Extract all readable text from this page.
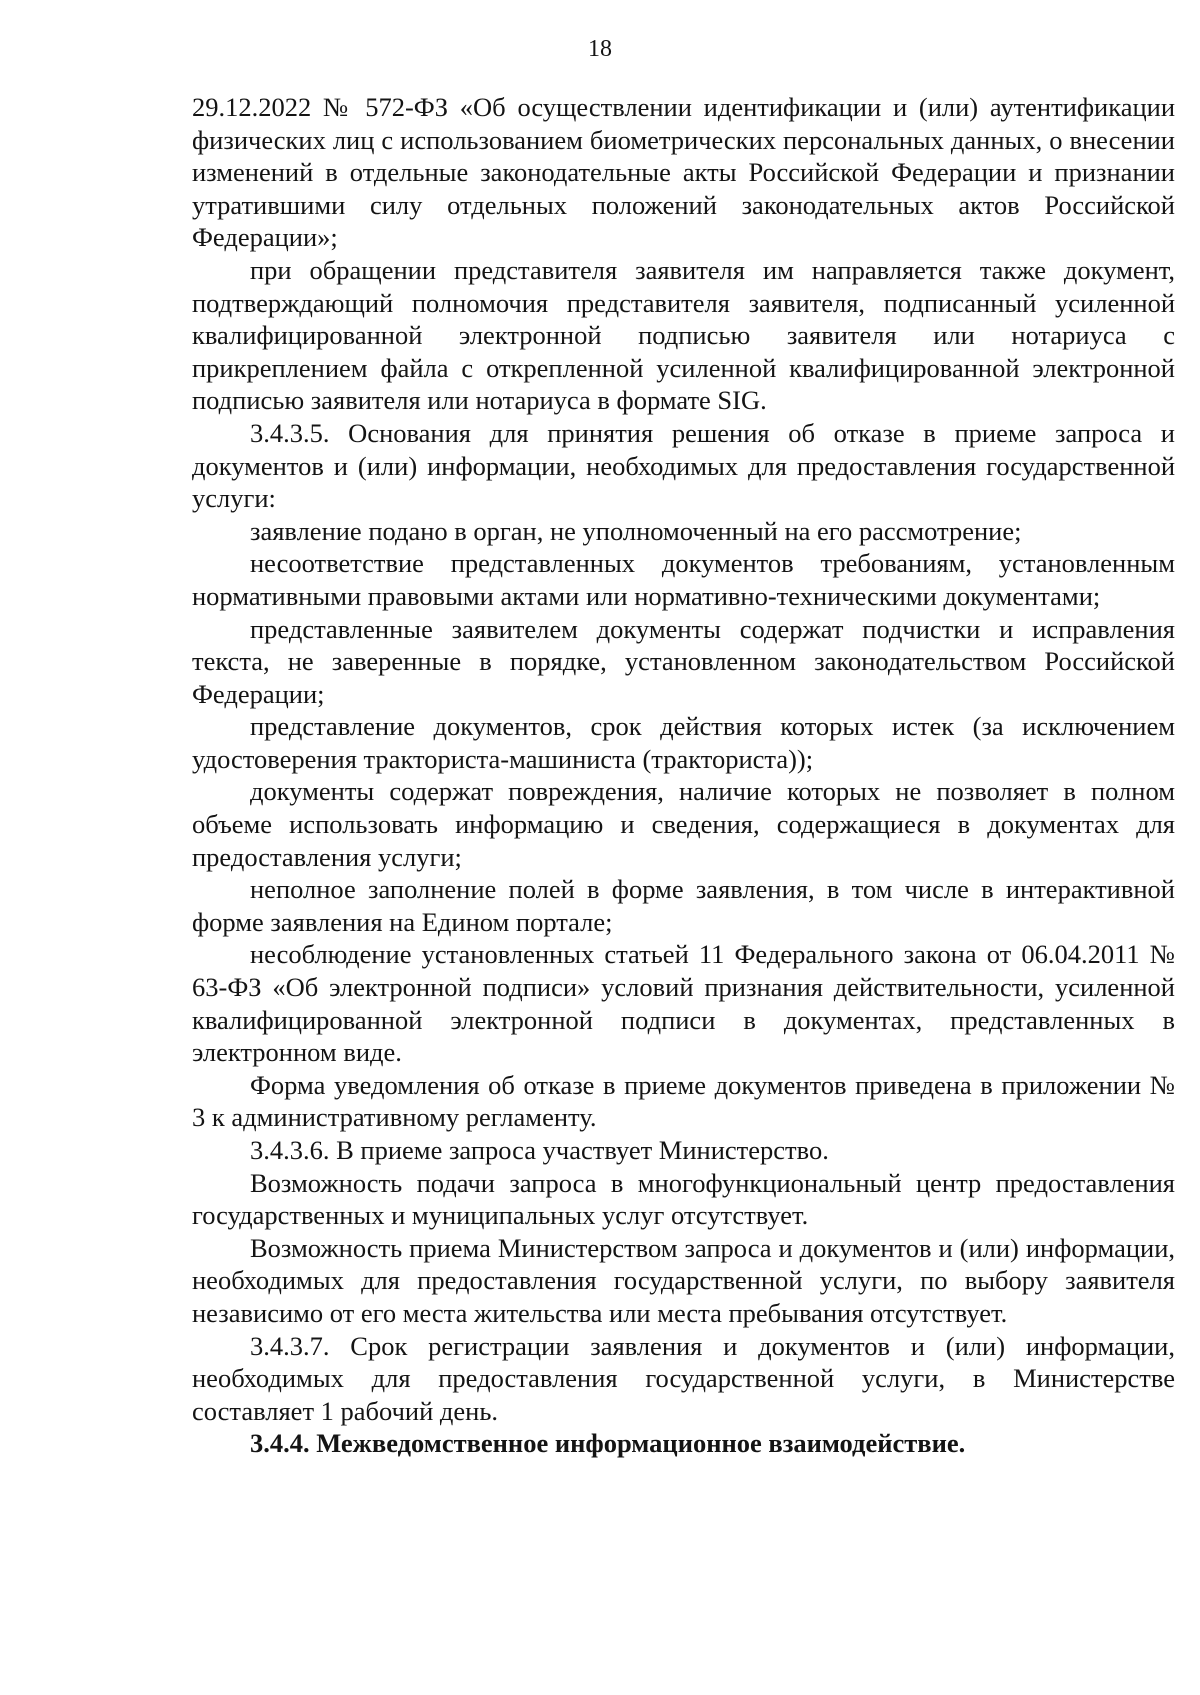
18

29.12.2022 № 572-ФЗ «Об осуществлении идентификации и (или) аутентификации физических лиц с использованием биометрических персональных данных, о внесении изменений в отдельные законодательные акты Российской Федерации и признании утратившими силу отдельных положений законодательных актов Российской Федерации»;

при обращении представителя заявителя им направляется также документ, подтверждающий полномочия представителя заявителя, подписанный усиленной квалифицированной электронной подписью заявителя или нотариуса с прикреплением файла с открепленной усиленной квалифицированной электронной подписью заявителя или нотариуса в формате SIG.

3.4.3.5. Основания для принятия решения об отказе в приеме запроса и документов и (или) информации, необходимых для предоставления государственной услуги:

заявление подано в орган, не уполномоченный на его рассмотрение;

несоответствие представленных документов требованиям, установленным нормативными правовыми актами или нормативно-техническими документами;

представленные заявителем документы содержат подчистки и исправления текста, не заверенные в порядке, установленном законодательством Российской Федерации;

представление документов, срок действия которых истек (за исключением удостоверения тракториста-машиниста (тракториста));

документы содержат повреждения, наличие которых не позволяет в полном объеме использовать информацию и сведения, содержащиеся в документах для предоставления услуги;

неполное заполнение полей в форме заявления, в том числе в интерактивной форме заявления на Едином портале;

несоблюдение установленных статьей 11 Федерального закона от 06.04.2011 № 63-ФЗ «Об электронной подписи» условий признания действительности, усиленной квалифицированной электронной подписи в документах, представленных в электронном виде.

Форма уведомления об отказе в приеме документов приведена в приложении № 3 к административному регламенту.

3.4.3.6. В приеме запроса участвует Министерство.

Возможность подачи запроса в многофункциональный центр предоставления государственных и муниципальных услуг отсутствует.

Возможность приема Министерством запроса и документов и (или) информации, необходимых для предоставления государственной услуги, по выбору заявителя независимо от его места жительства или места пребывания отсутствует.

3.4.3.7. Срок регистрации заявления и документов и (или) информации, необходимых для предоставления государственной услуги, в Министерстве составляет 1 рабочий день.

3.4.4. Межведомственное информационное взаимодействие.
